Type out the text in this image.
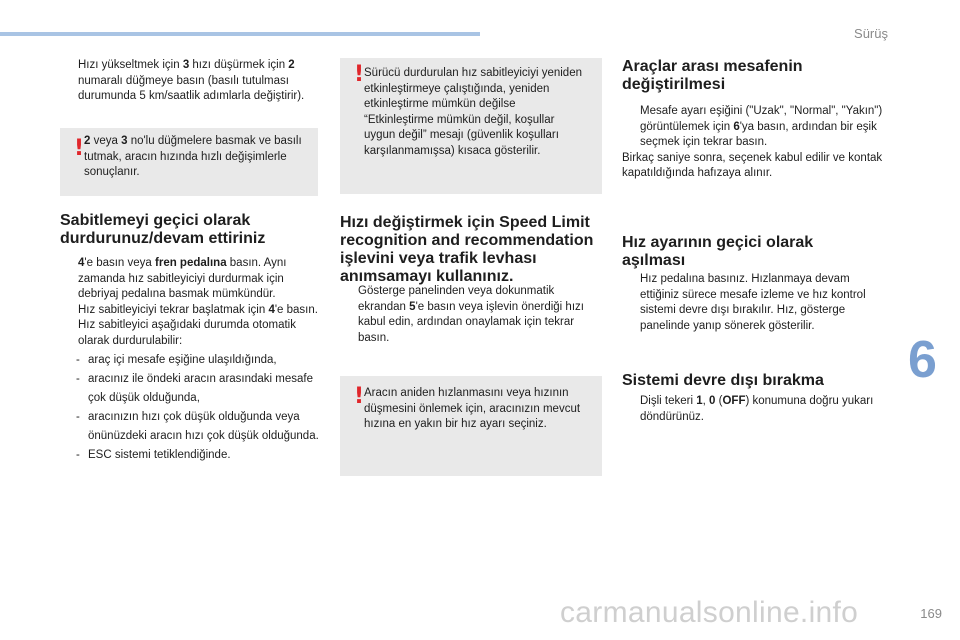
Sürüş
6
169
carmanualsonline.info
Hızı yükseltmek için 3 hızı düşürmek için 2 numaralı düğmeye basın (basılı tutulması durumunda 5 km/saatlik adımlarla değiştirir).
! 2 veya 3 no'lu düğmelere basmak ve basılı tutmak, aracın hızında hızlı değişimlerle sonuçlanır.
Sabitlemeyi geçici olarak durdurunuz/devam ettiriniz
4'e basın veya fren pedalına basın. Aynı zamanda hız sabitleyiciyi durdurmak için debriyaj pedalına basmak mümkündür.
Hız sabitleyiciyi tekrar başlatmak için 4'e basın. Hız sabitleyici aşağıdaki durumda otomatik olarak durdurulabilir:
- araç içi mesafe eşiğine ulaşıldığında,
- aracınız ile öndeki aracın arasındaki mesafe çok düşük olduğunda,
- aracınızın hızı çok düşük olduğunda veya önünüzdeki aracın hızı çok düşük olduğunda.
- ESC sistemi tetiklendiğinde.
! Sürücü durdurulan hız sabitleyiciyi yeniden etkinleştirmeye çalıştığında, yeniden etkinleştirme mümkün değilse “Etkinleştirme mümkün değil, koşullar uygun değil” mesajı (güvenlik koşulları karşılanmamışsa) kısaca gösterilir.
Hızı değiştirmek için Speed Limit recognition and recommendation işlevini veya trafik levhası anımsamayı kullanınız.
Gösterge panelinden veya dokunmatik ekrandan 5'e basın veya işlevin önerdiği hızı kabul edin, ardından onaylamak için tekrar basın.
! Aracın aniden hızlanmasını veya hızının düşmesini önlemek için, aracınızın mevcut hızına en yakın bir hız ayarı seçiniz.
Araçlar arası mesafenin değiştirilmesi
Mesafe ayarı eşiğini ("Uzak", "Normal", "Yakın") görüntülemek için 6'ya basın, ardından bir eşik seçmek için tekrar basın.

Birkaç saniye sonra, seçenek kabul edilir ve kontak kapatıldığında hafızaya alınır.

Hız ayarının geçici olarak aşılması
Hız pedalına basınız. Hızlanmaya devam ettiğiniz sürece mesafe izleme ve hız kontrol sistemi devre dışı bırakılır. Hız, gösterge panelinde yanıp sönerek gösterilir.
Sistemi devre dışı bırakma
Dişli tekeri 1, 0 (OFF) konumuna doğru yukarı döndürünüz.
